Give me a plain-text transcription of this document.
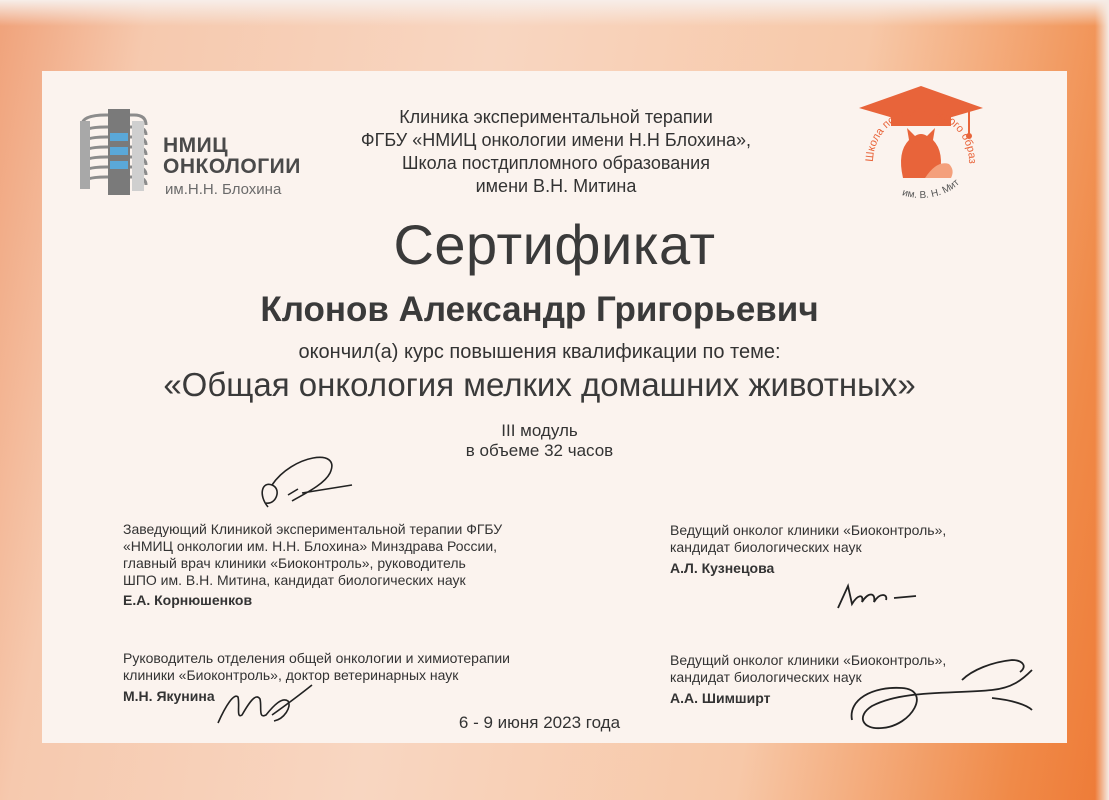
НМИЦ
ОНКОЛОГИИ
им.Н.Н. Блохина
Клиника экспериментальной терапии
ФГБУ «НМИЦ онкологии имени Н.Н Блохина»,
Школа постдипломного образования
имени В.Н. Митина
Школа постдипломного образ
им. В. Н. Мит
Сертификат
Клонов Александр Григорьевич
окончил(а) курс повышения квалификации по теме:
«Общая онкология мелких домашних животных»
III модуль
в объеме 32 часов
Заведующий Клиникой экспериментальной терапии ФГБУ
«НМИЦ онкологии им. Н.Н. Блохина» Минздрава России,
главный врач клиники «Биоконтроль», руководитель
ШПО им. В.Н. Митина, кандидат биологических наук
Е.А. Корнюшенков
Ведущий онколог клиники «Биоконтроль»,
кандидат биологических наук
А.Л. Кузнецова
Руководитель отделения общей онкологии и химиотерапии
клиники «Биоконтроль», доктор ветеринарных наук
М.Н. Якунина
Ведущий онколог клиники «Биоконтроль»,
кандидат биологических наук
А.А. Шимширт
6 - 9 июня 2023 года
